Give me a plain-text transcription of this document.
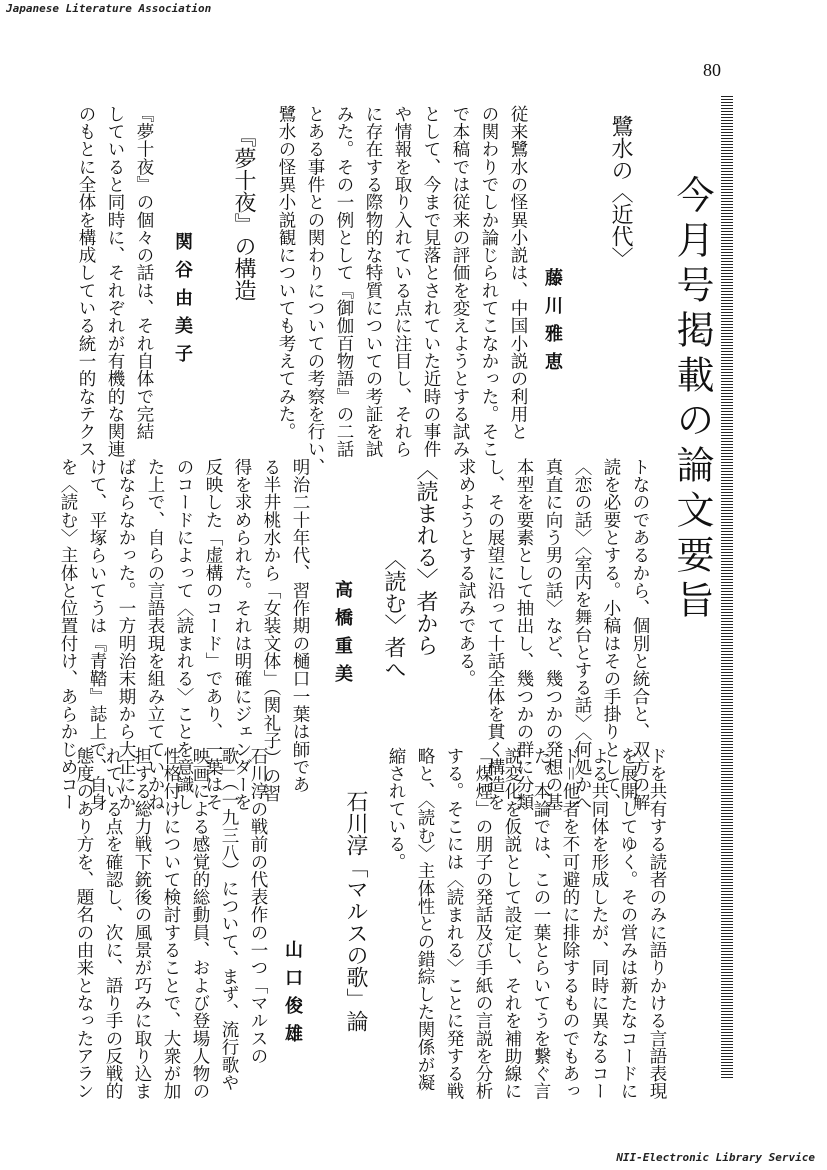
Japanese Literature Association
80
今月号掲載の論文要旨
鷺水の〈近代〉
藤川雅恵
従来鷺水の怪異小説は、中国小説の利用と
の関わりでしか論じられてこなかった。そこ
で本稿では従来の評価を変えようとする試み
として、今まで見落とされていた近時の事件
や情報を取り入れている点に注目し、それら
に存在する際物的な特質についての考証を試
みた。その一例として『御伽百物語』の二話
とある事件との関わりについての考察を行い、
鷺水の怪異小説観についても考えてみた。
『夢十夜』の構造
関谷由美子
『夢十夜』の個々の話は、それ自体で完結
していると同時に、それぞれが有機的な関連
のもとに全体を構成している統一的なテクス
トなのであるから、個別と統合と、双方の解
読を必要とする。小稿はその手掛りとして、
〈恋の話〉〈室内を舞台とする話〉〈何処かへ
真直に向う男の話〉など、幾つかの発想の基
本型を要素として抽出し、幾つかの群に分類
し、その展望に沿って十話全体を貫く構造を
求めようとする試みである。
〈読まれる〉者から
〈読む〉者へ
高橋重美
明治二十年代、習作期の樋口一葉は師であ
る半井桃水から「女装文体」（関礼子）の習
得を求められた。それは明確にジェンダーを
反映した「虚構のコード」であり、一葉はそ
のコードによって〈読まれる〉ことを意識し
た上で、自らの言語表現を組み立てていかね
ばならなかった。一方明治末期から大正にか
けて、平塚らいてうは『青鞜』誌上で、自身
を〈読む〉主体と位置付け、あらかじめコー
ドを共有する読者のみに語りかける言語表現
を展開してゆく。その営みは新たなコードに
よる共同体を形成したが、同時に異なるコー
ド＝他者を不可避的に排除するものでもあっ
た。本論では、この一葉とらいてうを繋ぐ言
説変化を仮説として設定し、それを補助線に
「煤煙」の朋子の発話及び手紙の言説を分析
する。そこには〈読まれる〉ことに発する戦
略と、〈読む〉主体性との錯綜した関係が凝
縮されている。
石川淳「マルスの歌」論
山口俊雄
石川淳の戦前の代表作の一つ「マルスの
歌」（一九三八）について、まず、流行歌や
映画による感覚的総動員、および登場人物の
性格付けについて検討することで、大衆が加
担する総力戦下銃後の風景が巧みに取り込ま
れている点を確認し、次に、語り手の反戦的
態度のあり方を、題名の由来となったアラン
NII-Electronic Library Service
